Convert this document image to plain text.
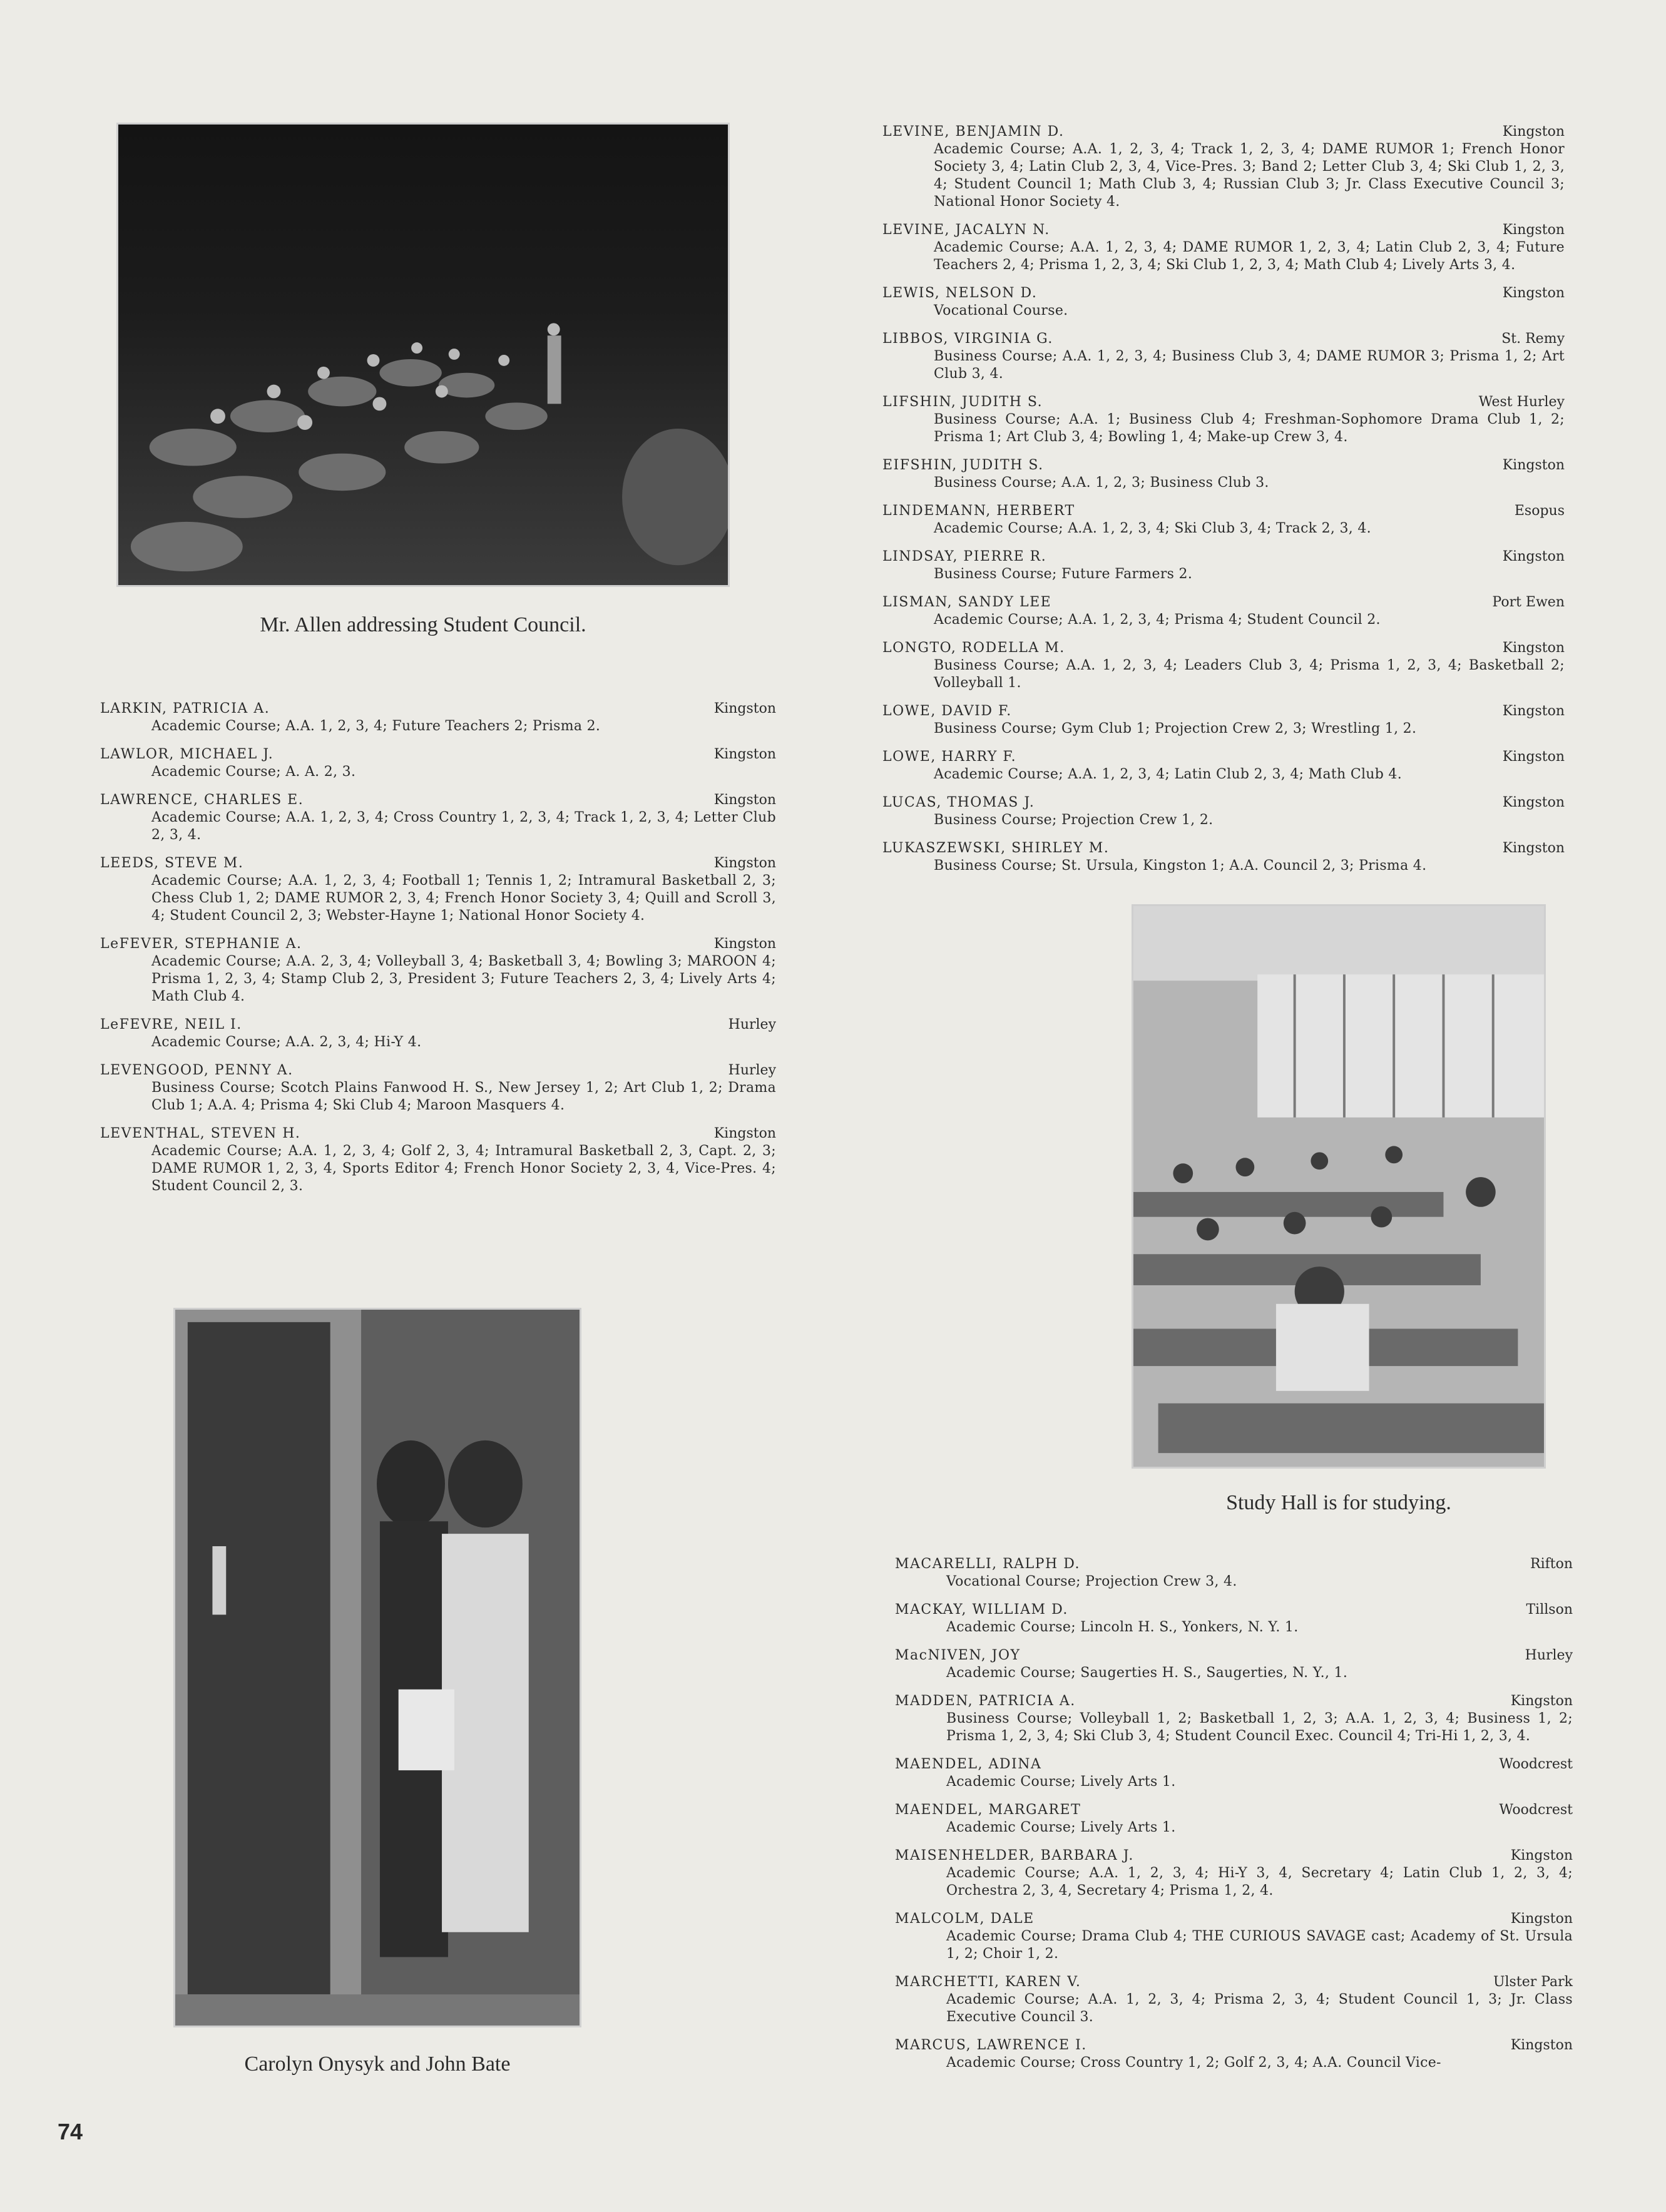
Mr. Allen addressing Student Council.
LARKIN, PATRICIA A.	Kingston
Academic Course; A.A. 1, 2, 3, 4; Future Teachers 2; Prisma 2.
LAWLOR, MICHAEL J.	Kingston
Academic Course; A. A. 2, 3.
LAWRENCE, CHARLES E.	Kingston
Academic Course; A.A. 1, 2, 3, 4; Cross Country 1, 2, 3, 4; Track 1, 2, 3, 4; Letter Club 2, 3, 4.
LEEDS, STEVE M.	Kingston
Academic Course; A.A. 1, 2, 3, 4; Football 1; Tennis 1, 2; Intramural Basketball 2, 3; Chess Club 1, 2; DAME RUMOR 2, 3, 4; French Honor Society 3, 4; Quill and Scroll 3, 4; Student Council 2, 3; Webster-Hayne 1; National Honor Society 4.
LeFEVER, STEPHANIE A.	Kingston
Academic Course; A.A. 2, 3, 4; Volleyball 3, 4; Basketball 3, 4; Bowling 3; MAROON 4; Prisma 1, 2, 3, 4; Stamp Club 2, 3, President 3; Future Teachers 2, 3, 4; Lively Arts 4; Math Club 4.
LeFEVRE, NEIL I.	Hurley
Academic Course; A.A. 2, 3, 4; Hi-Y 4.
LEVENGOOD, PENNY A.	Hurley
Business Course; Scotch Plains Fanwood H. S., New Jersey 1, 2; Art Club 1, 2; Drama Club 1; A.A. 4; Prisma 4; Ski Club 4; Maroon Masquers 4.
LEVENTHAL, STEVEN H.	Kingston
Academic Course; A.A. 1, 2, 3, 4; Golf 2, 3, 4; Intramural Basketball 2, 3, Capt. 2, 3; DAME RUMOR 1, 2, 3, 4, Sports Editor 4; French Honor Society 2, 3, 4, Vice-Pres. 4; Student Council 2, 3.
Carolyn Onysyk and John Bate
LEVINE, BENJAMIN D.	Kingston
Academic Course; A.A. 1, 2, 3, 4; Track 1, 2, 3, 4; DAME RUMOR 1; French Honor Society 3, 4; Latin Club 2, 3, 4, Vice-Pres. 3; Band 2; Letter Club 3, 4; Ski Club 1, 2, 3, 4; Student Council 1; Math Club 3, 4; Russian Club 3; Jr. Class Executive Council 3; National Honor Society 4.
LEVINE, JACALYN N.	Kingston
Academic Course; A.A. 1, 2, 3, 4; DAME RUMOR 1, 2, 3, 4; Latin Club 2, 3, 4; Future Teachers 2, 4; Prisma 1, 2, 3, 4; Ski Club 1, 2, 3, 4; Math Club 4; Lively Arts 3, 4.
LEWIS, NELSON D.	Kingston
Vocational Course.
LIBBOS, VIRGINIA G.	St. Remy
Business Course; A.A. 1, 2, 3, 4; Business Club 3, 4; DAME RUMOR 3; Prisma 1, 2; Art Club 3, 4.
LIFSHIN, JUDITH S.	West Hurley
Business Course; A.A. 1; Business Club 4; Freshman-Sophomore Drama Club 1, 2; Prisma 1; Art Club 3, 4; Bowling 1, 4; Make-up Crew 3, 4.
EIFSHIN, JUDITH S.	Kingston
Business Course; A.A. 1, 2, 3; Business Club 3.
LINDEMANN, HERBERT	Esopus
Academic Course; A.A. 1, 2, 3, 4; Ski Club 3, 4; Track 2, 3, 4.
LINDSAY, PIERRE R.	Kingston
Business Course; Future Farmers 2.
LISMAN, SANDY LEE	Port Ewen
Academic Course; A.A. 1, 2, 3, 4; Prisma 4; Student Council 2.
LONGTO, RODELLA M.	Kingston
Business Course; A.A. 1, 2, 3, 4; Leaders Club 3, 4; Prisma 1, 2, 3, 4; Basketball 2; Volleyball 1.
LOWE, DAVID F.	Kingston
Business Course; Gym Club 1; Projection Crew 2, 3; Wrestling 1, 2.
LOWE, HARRY F.	Kingston
Academic Course; A.A. 1, 2, 3, 4; Latin Club 2, 3, 4; Math Club 4.
LUCAS, THOMAS J.	Kingston
Business Course; Projection Crew 1, 2.
LUKASZEWSKI, SHIRLEY M.	Kingston
Business Course; St. Ursula, Kingston 1; A.A. Council 2, 3; Prisma 4.
Study Hall is for studying.
MACARELLI, RALPH D.	Rifton
Vocational Course; Projection Crew 3, 4.
MACKAY, WILLIAM D.	Tillson
Academic Course; Lincoln H. S., Yonkers, N. Y. 1.
MacNIVEN, JOY	Hurley
Academic Course; Saugerties H. S., Saugerties, N. Y., 1.
MADDEN, PATRICIA A.	Kingston
Business Course; Volleyball 1, 2; Basketball 1, 2, 3; A.A. 1, 2, 3, 4; Business 1, 2; Prisma 1, 2, 3, 4; Ski Club 3, 4; Student Council Exec. Council 4; Tri-Hi 1, 2, 3, 4.
MAENDEL, ADINA	Woodcrest
Academic Course; Lively Arts 1.
MAENDEL, MARGARET	Woodcrest
Academic Course; Lively Arts 1.
MAISENHELDER, BARBARA J.	Kingston
Academic Course; A.A. 1, 2, 3, 4; Hi-Y 3, 4, Secretary 4; Latin Club 1, 2, 3, 4; Orchestra 2, 3, 4, Secretary 4; Prisma 1, 2, 4.
MALCOLM, DALE	Kingston
Academic Course; Drama Club 4; THE CURIOUS SAVAGE cast; Academy of St. Ursula 1, 2; Choir 1, 2.
MARCHETTI, KAREN V.	Ulster Park
Academic Course; A.A. 1, 2, 3, 4; Prisma 2, 3, 4; Student Council 1, 3; Jr. Class Executive Council 3.
MARCUS, LAWRENCE I.	Kingston
Academic Course; Cross Country 1, 2; Golf 2, 3, 4; A.A. Council Vice-
74
